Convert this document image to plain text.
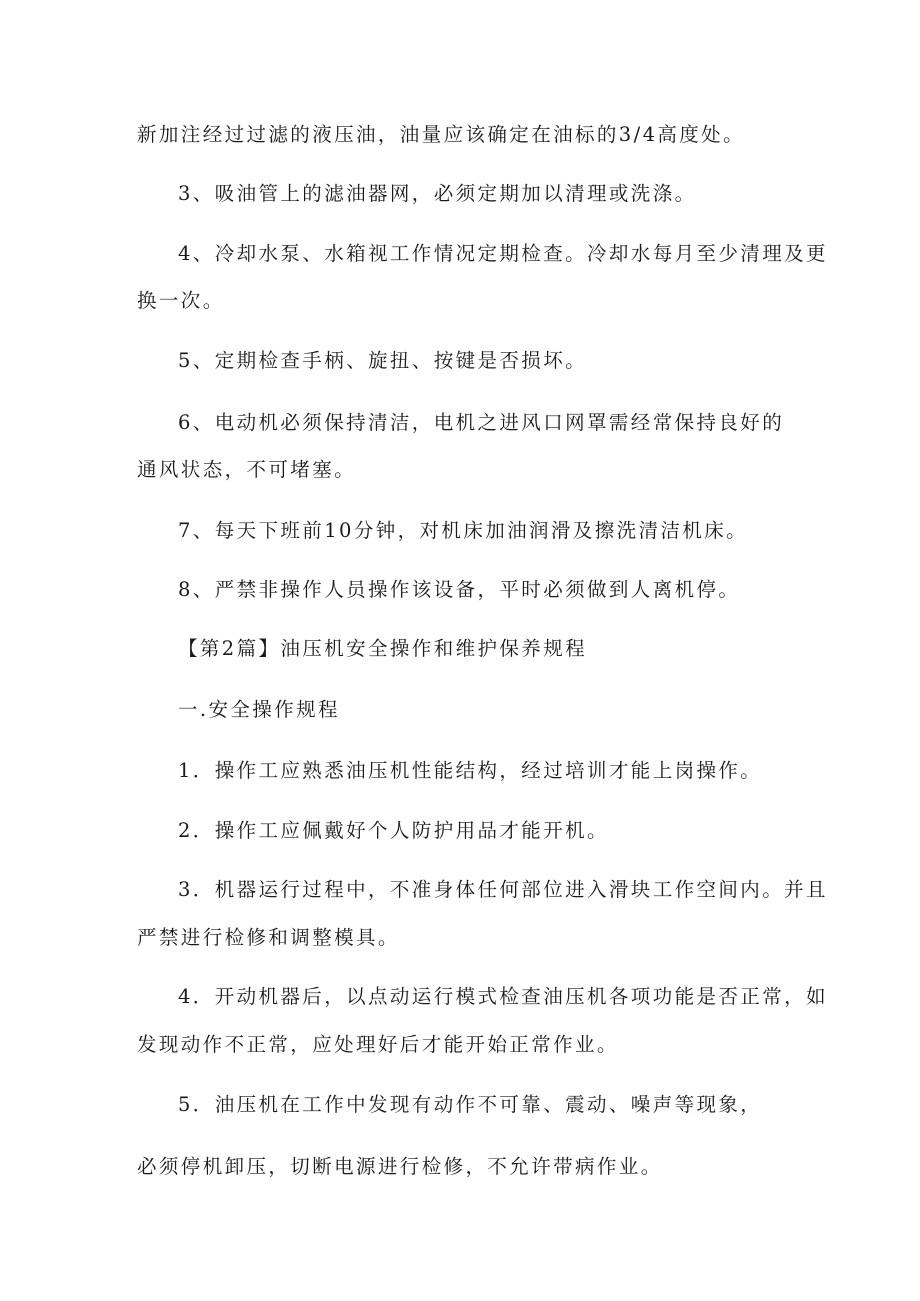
新加注经过过滤的液压油，油量应该确定在油标的3/4高度处。

3、吸油管上的滤油器网，必须定期加以清理或洗涤。

4、冷却水泵、水箱视工作情况定期检查。冷却水每月至少清理及更

换一次。

5、定期检查手柄、旋扭、按键是否损坏。

6、电动机必须保持清洁，电机之进风口网罩需经常保持良好的

通风状态，不可堵塞。

7、每天下班前10分钟，对机床加油润滑及擦洗清洁机床。

8、严禁非操作人员操作该设备，平时必须做到人离机停。

【第2篇】油压机安全操作和维护保养规程

一.安全操作规程

1．操作工应熟悉油压机性能结构，经过培训才能上岗操作。

2．操作工应佩戴好个人防护用品才能开机。

3．机器运行过程中，不准身体任何部位进入滑块工作空间内。并且

严禁进行检修和调整模具。

4．开动机器后，以点动运行模式检查油压机各项功能是否正常，如

发现动作不正常，应处理好后才能开始正常作业。

5．油压机在工作中发现有动作不可靠、震动、噪声等现象，

必须停机卸压，切断电源进行检修，不允许带病作业。
